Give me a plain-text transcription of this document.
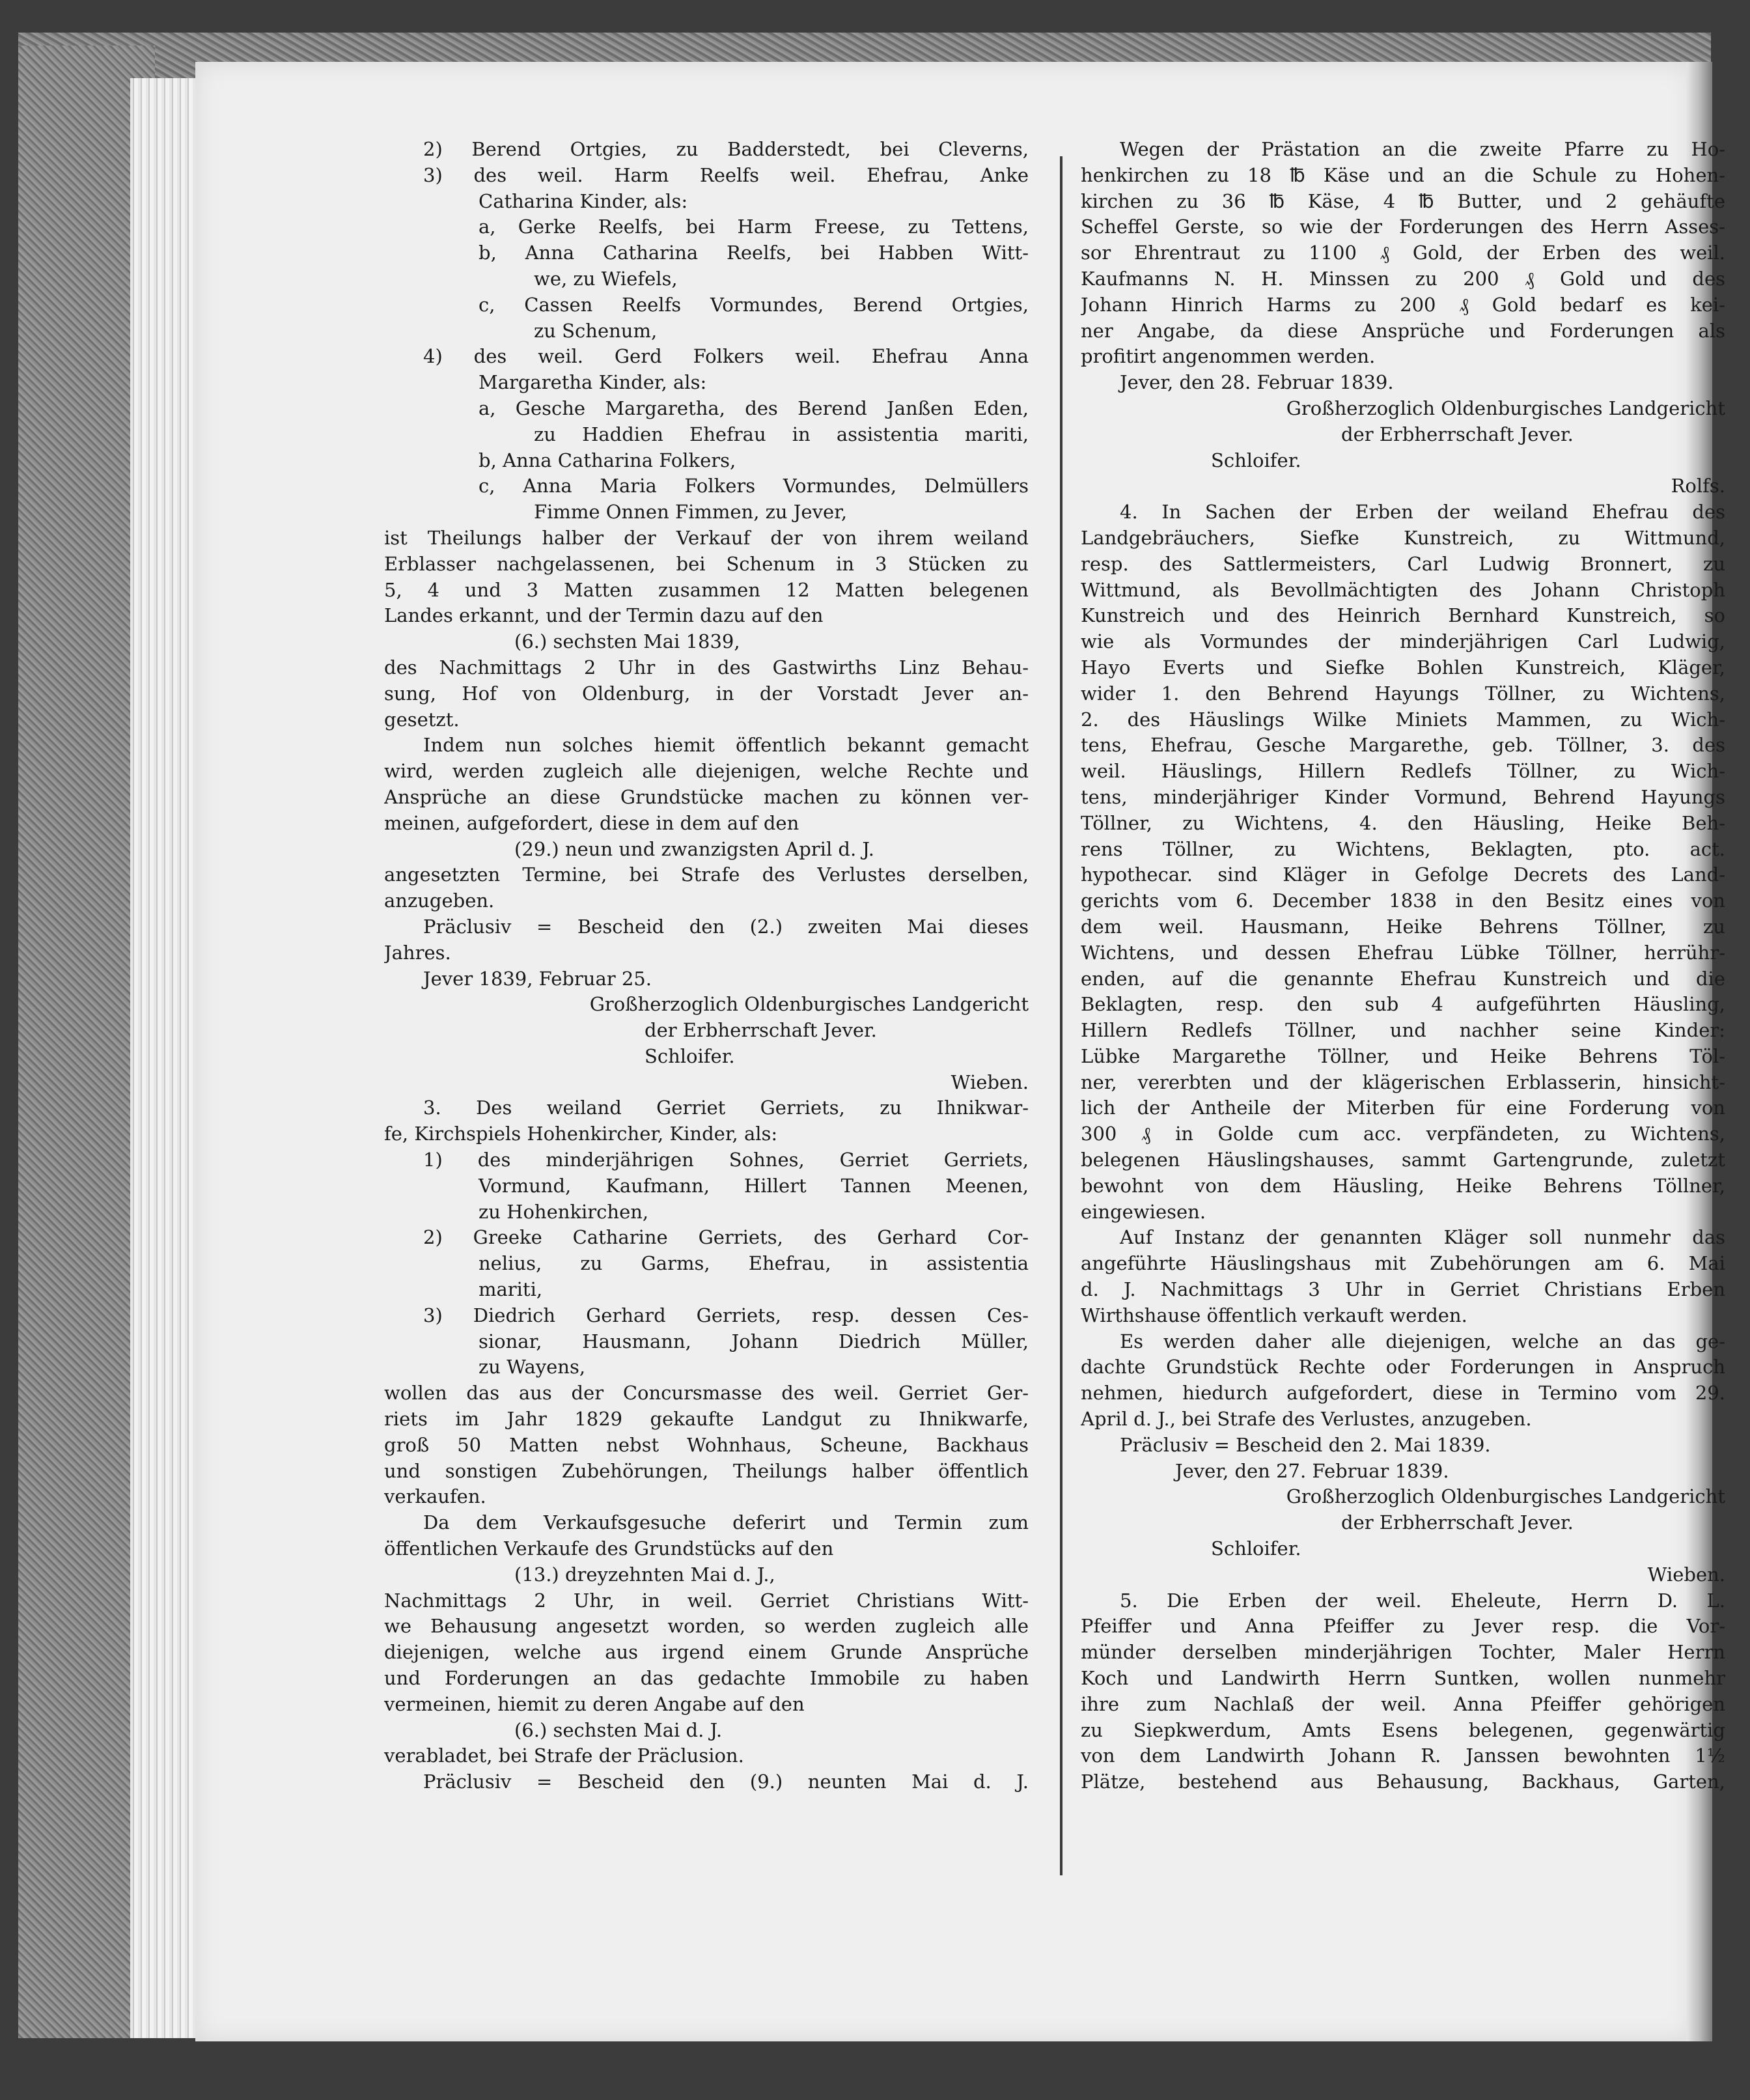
2) Berend Ortgies, zu Badderstedt, bei Cleverns,
3) des weil. Harm Reelfs weil. Ehefrau, Anke
Catharina Kinder, als:
a, Gerke Reelfs, bei Harm Freese, zu Tettens,
b, Anna Catharina Reelfs, bei Habben Witt-
we, zu Wiefels,
c, Cassen Reelfs Vormundes, Berend Ortgies,
zu Schenum,
4) des weil. Gerd Folkers weil. Ehefrau Anna
Margaretha Kinder, als:
a, Gesche Margaretha, des Berend Janßen Eden,
zu Haddien Ehefrau in assistentia mariti,
b, Anna Catharina Folkers,
c, Anna Maria Folkers Vormundes, Delmüllers
Fimme Onnen Fimmen, zu Jever,
ist Theilungs halber der Verkauf der von ihrem weiland
Erblasser nachgelassenen, bei Schenum in 3 Stücken zu
5, 4 und 3 Matten zusammen 12 Matten belegenen
Landes erkannt, und der Termin dazu auf den
(6.) sechsten Mai 1839,
des Nachmittags 2 Uhr in des Gastwirths Linz Behau-
sung, Hof von Oldenburg, in der Vorstadt Jever an-
gesetzt.
Indem nun solches hiemit öffentlich bekannt gemacht
wird, werden zugleich alle diejenigen, welche Rechte und
Ansprüche an diese Grundstücke machen zu können ver-
meinen, aufgefordert, diese in dem auf den
(29.) neun und zwanzigsten April d. J.
angesetzten Termine, bei Strafe des Verlustes derselben,
anzugeben.
Präclusiv = Bescheid den (2.) zweiten Mai dieses
Jahres.
Jever 1839, Februar 25.
Großherzoglich Oldenburgisches Landgericht
der Erbherrschaft Jever.
Schloifer.
Wieben.
3. Des weiland Gerriet Gerriets, zu Ihnikwar-
fe, Kirchspiels Hohenkircher, Kinder, als:
1) des minderjährigen Sohnes, Gerriet Gerriets,
Vormund, Kaufmann, Hillert Tannen Meenen,
zu Hohenkirchen,
2) Greeke Catharine Gerriets, des Gerhard Cor-
nelius, zu Garms, Ehefrau, in assistentia
mariti,
3) Diedrich Gerhard Gerriets, resp. dessen Ces-
sionar, Hausmann, Johann Diedrich Müller,
zu Wayens,
wollen das aus der Concursmasse des weil. Gerriet Ger-
riets im Jahr 1829 gekaufte Landgut zu Ihnikwarfe,
groß 50 Matten nebst Wohnhaus, Scheune, Backhaus
und sonstigen Zubehörungen, Theilungs halber öffentlich
verkaufen.
Da dem Verkaufsgesuche deferirt und Termin zum
öffentlichen Verkaufe des Grundstücks auf den
(13.) dreyzehnten Mai d. J.,
Nachmittags 2 Uhr, in weil. Gerriet Christians Witt-
we Behausung angesetzt worden, so werden zugleich alle
diejenigen, welche aus irgend einem Grunde Ansprüche
und Forderungen an das gedachte Immobile zu haben
vermeinen, hiemit zu deren Angabe auf den
(6.) sechsten Mai d. J.
verabladet, bei Strafe der Präclusion.
Präclusiv = Bescheid den (9.) neunten Mai d. J.
Wegen der Prästation an die zweite Pfarre zu Ho-
henkirchen zu 18 ℔ Käse und an die Schule zu Hohen-
kirchen zu 36 ℔ Käse, 4 ℔ Butter, und 2 gehäufte
Scheffel Gerste, so wie der Forderungen des Herrn Asses-
sor Ehrentraut zu 1100 ₰ Gold, der Erben des weil.
Kaufmanns N. H. Minssen zu 200 ₰ Gold und des
Johann Hinrich Harms zu 200 ₰ Gold bedarf es kei-
ner Angabe, da diese Ansprüche und Forderungen als
profitirt angenommen werden.
Jever, den 28. Februar 1839.
Großherzoglich Oldenburgisches Landgericht
der Erbherrschaft Jever.
Schloifer.
Rolfs.
4. In Sachen der Erben der weiland Ehefrau des
Landgebräuchers, Siefke Kunstreich, zu Wittmund,
resp. des Sattlermeisters, Carl Ludwig Bronnert, zu
Wittmund, als Bevollmächtigten des Johann Christoph
Kunstreich und des Heinrich Bernhard Kunstreich, so
wie als Vormundes der minderjährigen Carl Ludwig,
Hayo Everts und Siefke Bohlen Kunstreich, Kläger,
wider 1. den Behrend Hayungs Töllner, zu Wichtens,
2. des Häuslings Wilke Miniets Mammen, zu Wich-
tens, Ehefrau, Gesche Margarethe, geb. Töllner, 3. des
weil. Häuslings, Hillern Redlefs Töllner, zu Wich-
tens, minderjähriger Kinder Vormund, Behrend Hayungs
Töllner, zu Wichtens, 4. den Häusling, Heike Beh-
rens Töllner, zu Wichtens, Beklagten, pto. act.
hypothecar. sind Kläger in Gefolge Decrets des Land-
gerichts vom 6. December 1838 in den Besitz eines von
dem weil. Hausmann, Heike Behrens Töllner, zu
Wichtens, und dessen Ehefrau Lübke Töllner, herrühr-
enden, auf die genannte Ehefrau Kunstreich und die
Beklagten, resp. den sub 4 aufgeführten Häusling,
Hillern Redlefs Töllner, und nachher seine Kinder:
Lübke Margarethe Töllner, und Heike Behrens Töl-
ner, vererbten und der klägerischen Erblasserin, hinsicht-
lich der Antheile der Miterben für eine Forderung von
300 ₰ in Golde cum acc. verpfändeten, zu Wichtens,
belegenen Häuslingshauses, sammt Gartengrunde, zuletzt
bewohnt von dem Häusling, Heike Behrens Töllner,
eingewiesen.
Auf Instanz der genannten Kläger soll nunmehr das
angeführte Häuslingshaus mit Zubehörungen am 6. Mai
d. J. Nachmittags 3 Uhr in Gerriet Christians Erben
Wirthshause öffentlich verkauft werden.
Es werden daher alle diejenigen, welche an das ge-
dachte Grundstück Rechte oder Forderungen in Anspruch
nehmen, hiedurch aufgefordert, diese in Termino vom 29.
April d. J., bei Strafe des Verlustes, anzugeben.
Präclusiv = Bescheid den 2. Mai 1839.
Jever, den 27. Februar 1839.
Großherzoglich Oldenburgisches Landgericht
der Erbherrschaft Jever.
Schloifer.
Wieben.
5. Die Erben der weil. Eheleute, Herrn D. L.
Pfeiffer und Anna Pfeiffer zu Jever resp. die Vor-
münder derselben minderjährigen Tochter, Maler Herrn
Koch und Landwirth Herrn Suntken, wollen nunmehr
ihre zum Nachlaß der weil. Anna Pfeiffer gehörigen
zu Siepkwerdum, Amts Esens belegenen, gegenwärtig
von dem Landwirth Johann R. Janssen bewohnten 1½
Plätze, bestehend aus Behausung, Backhaus, Garten,
